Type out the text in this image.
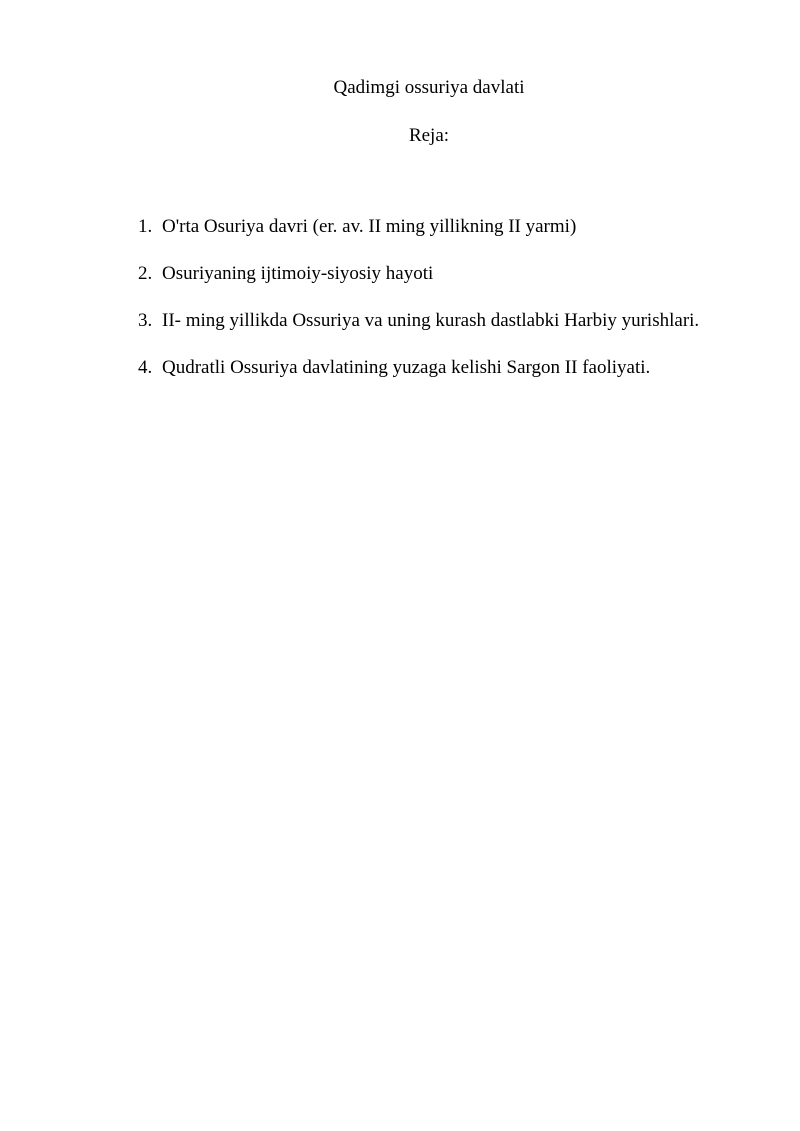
Qadimgi ossuriya davlati

Reja:

1. O'rta Osuriya davri (er. av. II ming yillikning II yarmi)
2. Osuriyaning ijtimoiy-siyosiy hayoti
3. II- ming yillikda Ossuriya va uning kurash dastlabki Harbiy yurishlari.
4. Qudratli Ossuriya davlatining yuzaga kelishi Sargon II faoliyati.
